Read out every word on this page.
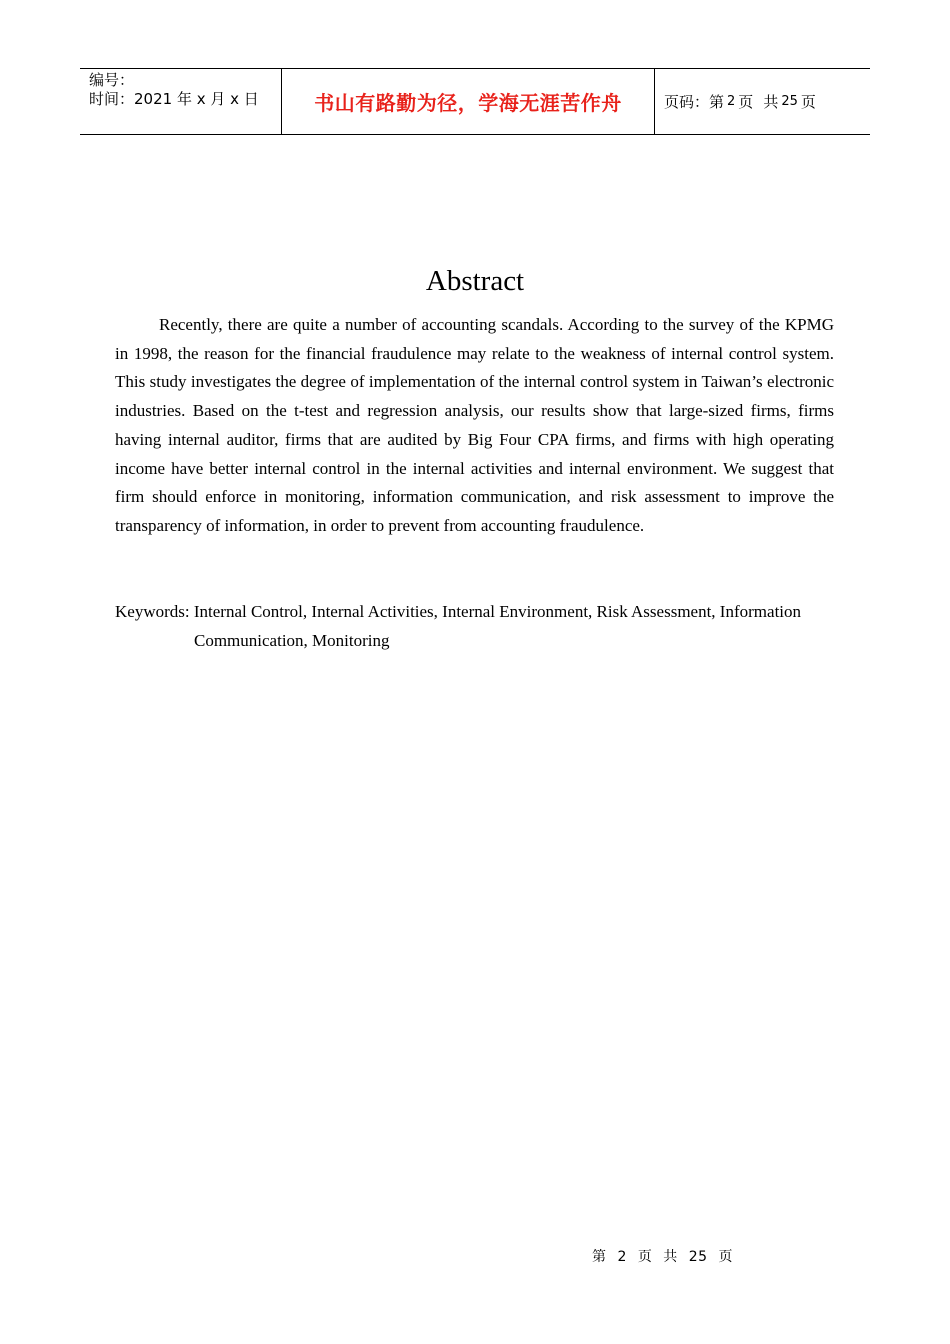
编号：
时间：2021 年 x 月 x 日	书山有路勤为径，学海无涯苦作舟	页码：第 2 页 共 25 页
Abstract

Recently, there are quite a number of accounting scandals. According to the survey of the KPMG in 1998, the reason for the financial fraudulence may relate to the weakness of internal control system. This study investigates the degree of implementation of the internal control system in Taiwan’s electronic industries. Based on the t-test and regression analysis, our results show that large-sized firms, firms having internal auditor, firms that are audited by Big Four CPA firms, and firms with high operating income have better internal control in the internal activities and internal environment. We suggest that firm should enforce in monitoring, information communication, and risk assessment to improve the transparency of information, in order to prevent from accounting fraudulence.

Keywords: Internal Control, Internal Activities, Internal Environment, Risk Assessment, Information
Communication, Monitoring
第 2 页 共 25 页
